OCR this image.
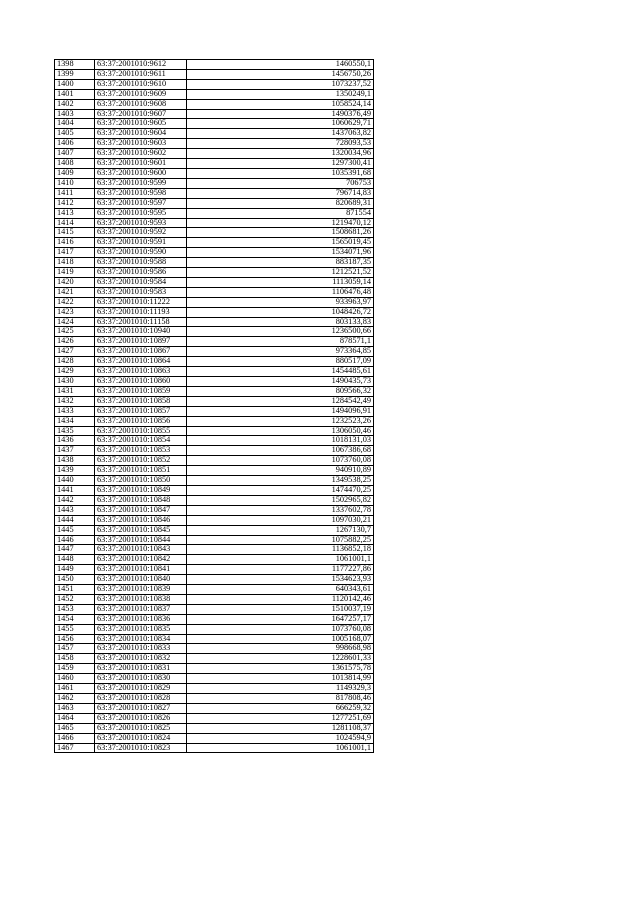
1398	63:37:2001010:9612	1460550,1
1399	63:37:2001010:9611	1456750,26
1400	63:37:2001010:9610	1073237,52
1401	63:37:2001010:9609	1350249,1
1402	63:37:2001010:9608	1058524,14
1403	63:37:2001010:9607	1490376,49
1404	63:37:2001010:9605	1060629,71
1405	63:37:2001010:9604	1437063,82
1406	63:37:2001010:9603	728093,53
1407	63:37:2001010:9602	1320034,96
1408	63:37:2001010:9601	1297300,41
1409	63:37:2001010:9600	1035391,68
1410	63:37:2001010:9599	706753
1411	63:37:2001010:9598	796714,83
1412	63:37:2001010:9597	820689,31
1413	63:37:2001010:9595	871554
1414	63:37:2001010:9593	1219470,12
1415	63:37:2001010:9592	1508681,26
1416	63:37:2001010:9591	1565019,45
1417	63:37:2001010:9590	1534071,96
1418	63:37:2001010:9588	883187,35
1419	63:37:2001010:9586	1212521,52
1420	63:37:2001010:9584	1113059,14
1421	63:37:2001010:9583	1106476,48
1422	63:37:2001010:11222	933963,97
1423	63:37:2001010:11193	1048426,72
1424	63:37:2001010:11158	803133,83
1425	63:37:2001010:10940	1236500,66
1426	63:37:2001010:10897	878571,1
1427	63:37:2001010:10867	973364,85
1428	63:37:2001010:10864	880517,09
1429	63:37:2001010:10863	1454485,61
1430	63:37:2001010:10860	1490435,73
1431	63:37:2001010:10859	809566,32
1432	63:37:2001010:10858	1284542,49
1433	63:37:2001010:10857	1494096,91
1434	63:37:2001010:10856	1232523,26
1435	63:37:2001010:10855	1306050,46
1436	63:37:2001010:10854	1018131,03
1437	63:37:2001010:10853	1067386,68
1438	63:37:2001010:10852	1073760,08
1439	63:37:2001010:10851	940910,89
1440	63:37:2001010:10850	1349538,25
1441	63:37:2001010:10849	1474470,25
1442	63:37:2001010:10848	1502965,82
1443	63:37:2001010:10847	1337602,78
1444	63:37:2001010:10846	1097030,21
1445	63:37:2001010:10845	1267130,7
1446	63:37:2001010:10844	1075882,25
1447	63:37:2001010:10843	1136852,18
1448	63:37:2001010:10842	1061001,1
1449	63:37:2001010:10841	1177227,86
1450	63:37:2001010:10840	1534623,93
1451	63:37:2001010:10839	640343,61
1452	63:37:2001010:10838	1120142,46
1453	63:37:2001010:10837	1510037,19
1454	63:37:2001010:10836	1647257,17
1455	63:37:2001010:10835	1073760,08
1456	63:37:2001010:10834	1005168,07
1457	63:37:2001010:10833	998668,98
1458	63:37:2001010:10832	1228601,33
1459	63:37:2001010:10831	1361575,78
1460	63:37:2001010:10830	1013814,99
1461	63:37:2001010:10829	1149329,3
1462	63:37:2001010:10828	817808,46
1463	63:37:2001010:10827	666259,32
1464	63:37:2001010:10826	1277251,69
1465	63:37:2001010:10825	1281108,37
1466	63:37:2001010:10824	1024594,9
1467	63:37:2001010:10823	1061001,1
